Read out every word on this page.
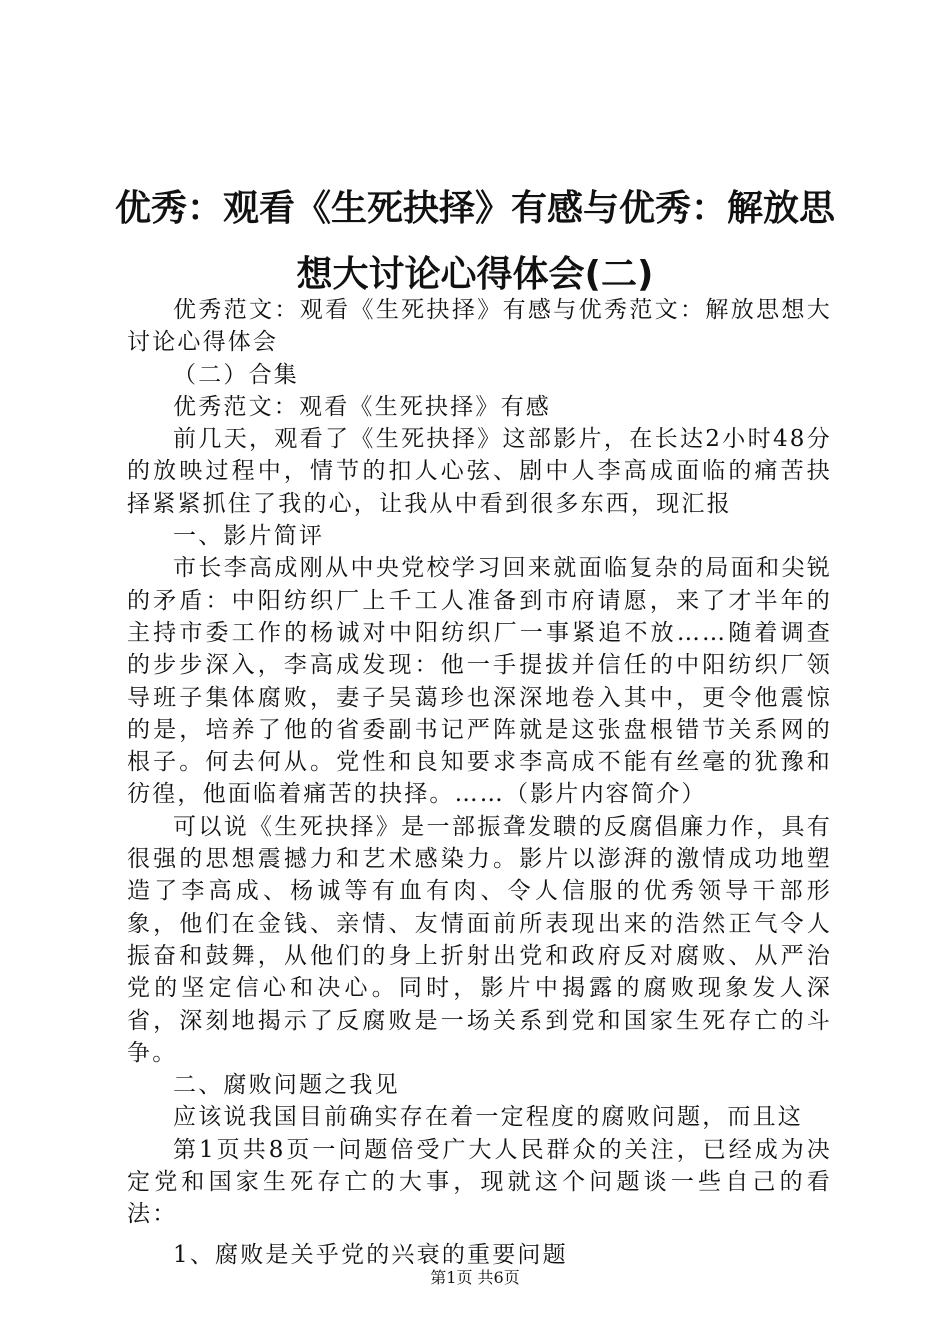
优秀：观看《生死抉择》有感与优秀：解放思想大讨论心得体会(二)

优秀范文：观看《生死抉择》有感与优秀范文：解放思想大讨论心得体会

（二）合集

优秀范文：观看《生死抉择》有感

前几天，观看了《生死抉择》这部影片，在长达2小时48分的放映过程中，情节的扣人心弦、剧中人李高成面临的痛苦抉择紧紧抓住了我的心，让我从中看到很多东西，现汇报

一、影片简评

市长李高成刚从中央党校学习回来就面临复杂的局面和尖锐的矛盾：中阳纺织厂上千工人准备到市府请愿，来了才半年的主持市委工作的杨诚对中阳纺织厂一事紧追不放……随着调查的步步深入，李高成发现：他一手提拔并信任的中阳纺织厂领导班子集体腐败，妻子吴蔼珍也深深地卷入其中，更令他震惊的是，培养了他的省委副书记严阵就是这张盘根错节关系网的根子。何去何从。党性和良知要求李高成不能有丝毫的犹豫和彷徨，他面临着痛苦的抉择。……（影片内容简介）

可以说《生死抉择》是一部振聋发聩的反腐倡廉力作，具有很强的思想震撼力和艺术感染力。影片以澎湃的激情成功地塑造了李高成、杨诚等有血有肉、令人信服的优秀领导干部形象，他们在金钱、亲情、友情面前所表现出来的浩然正气令人振奋和鼓舞，从他们的身上折射出党和政府反对腐败、从严治党的坚定信心和决心。同时，影片中揭露的腐败现象发人深省，深刻地揭示了反腐败是一场关系到党和国家生死存亡的斗争。

二、腐败问题之我见

应该说我国目前确实存在着一定程度的腐败问题，而且这

第1页共8页一问题倍受广大人民群众的关注，已经成为决定党和国家生死存亡的大事，现就这个问题谈一些自己的看法：

1、腐败是关乎党的兴衰的重要问题

第1页 共6页
